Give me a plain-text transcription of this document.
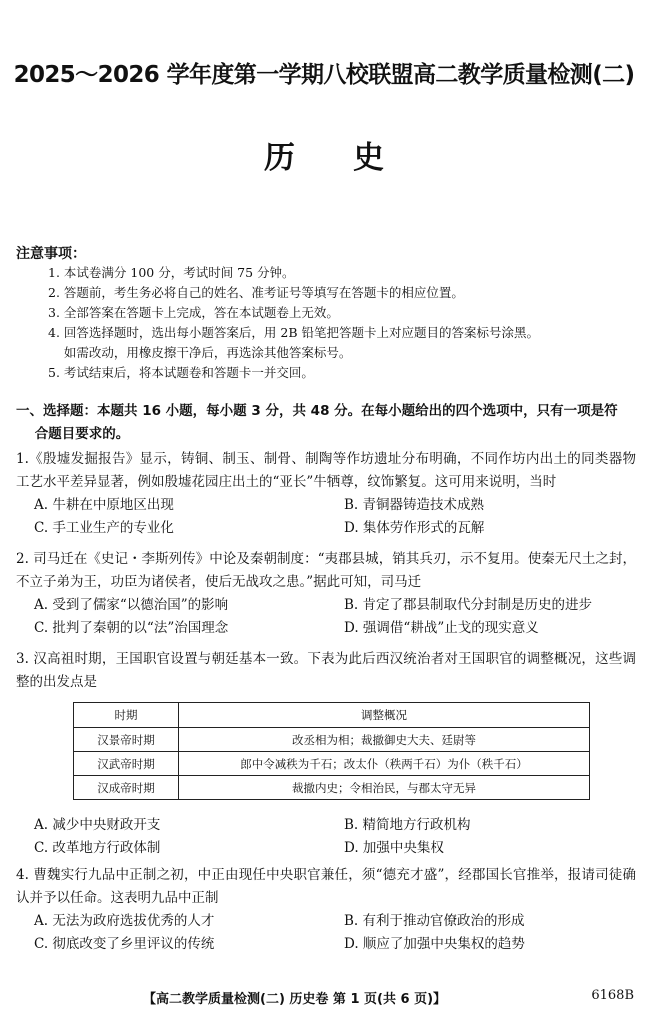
2025～2026 学年度第一学期八校联盟高二教学质量检测(二)
历史
注意事项：
1. 本试卷满分 100 分，考试时间 75 分钟。
2. 答题前，考生务必将自己的姓名、准考证号等填写在答题卡的相应位置。
3. 全部答案在答题卡上完成，答在本试题卷上无效。
4. 回答选择题时，选出每小题答案后，用 2B 铅笔把答题卡上对应题目的答案标号涂黑。
如需改动，用橡皮擦干净后，再选涂其他答案标号。
5. 考试结束后，将本试题卷和答题卡一并交回。
一、选择题：本题共 16 小题，每小题 3 分，共 48 分。在每小题给出的四个选项中，只有一项是符
合题目要求的。
1.《殷墟发掘报告》显示，铸铜、制玉、制骨、制陶等作坊遗址分布明确，不同作坊内出土的同类器物工艺水平差异显著，例如殷墟花园庄出土的“亚长”牛牺尊，纹饰繁复。这可用来说明，当时
A. 牛耕在中原地区出现	B. 青铜器铸造技术成熟
C. 手工业生产的专业化	D. 集体劳作形式的瓦解
2. 司马迁在《史记・李斯列传》中论及秦朝制度：“夷郡县城，销其兵刃，示不复用。使秦无尺土之封，不立子弟为王，功臣为诸侯者，使后无战攻之患。”据此可知，司马迁
A. 受到了儒家“以德治国”的影响	B. 肯定了郡县制取代分封制是历史的进步
C. 批判了秦朝的以“法”治国理念	D. 强调借“耕战”止戈的现实意义
3. 汉高祖时期，王国职官设置与朝廷基本一致。下表为此后西汉统治者对王国职官的调整概况，这些调整的出发点是
时期	调整概况
汉景帝时期	改丞相为相；裁撤御史大夫、廷尉等
汉武帝时期	郎中令减秩为千石；改太仆（秩两千石）为仆（秩千石）
汉成帝时期	裁撤内史；令相治民，与郡太守无异
A. 减少中央财政开支	B. 精简地方行政机构
C. 改革地方行政体制	D. 加强中央集权
4. 曹魏实行九品中正制之初，中正由现任中央职官兼任，须“德充才盛”，经郡国长官推举，报请司徒确认并予以任命。这表明九品中正制
A. 无法为政府选拔优秀的人才	B. 有利于推动官僚政治的形成
C. 彻底改变了乡里评议的传统	D. 顺应了加强中央集权的趋势
【高二教学质量检测(二) 历史卷 第 1 页(共 6 页)】	6168B
